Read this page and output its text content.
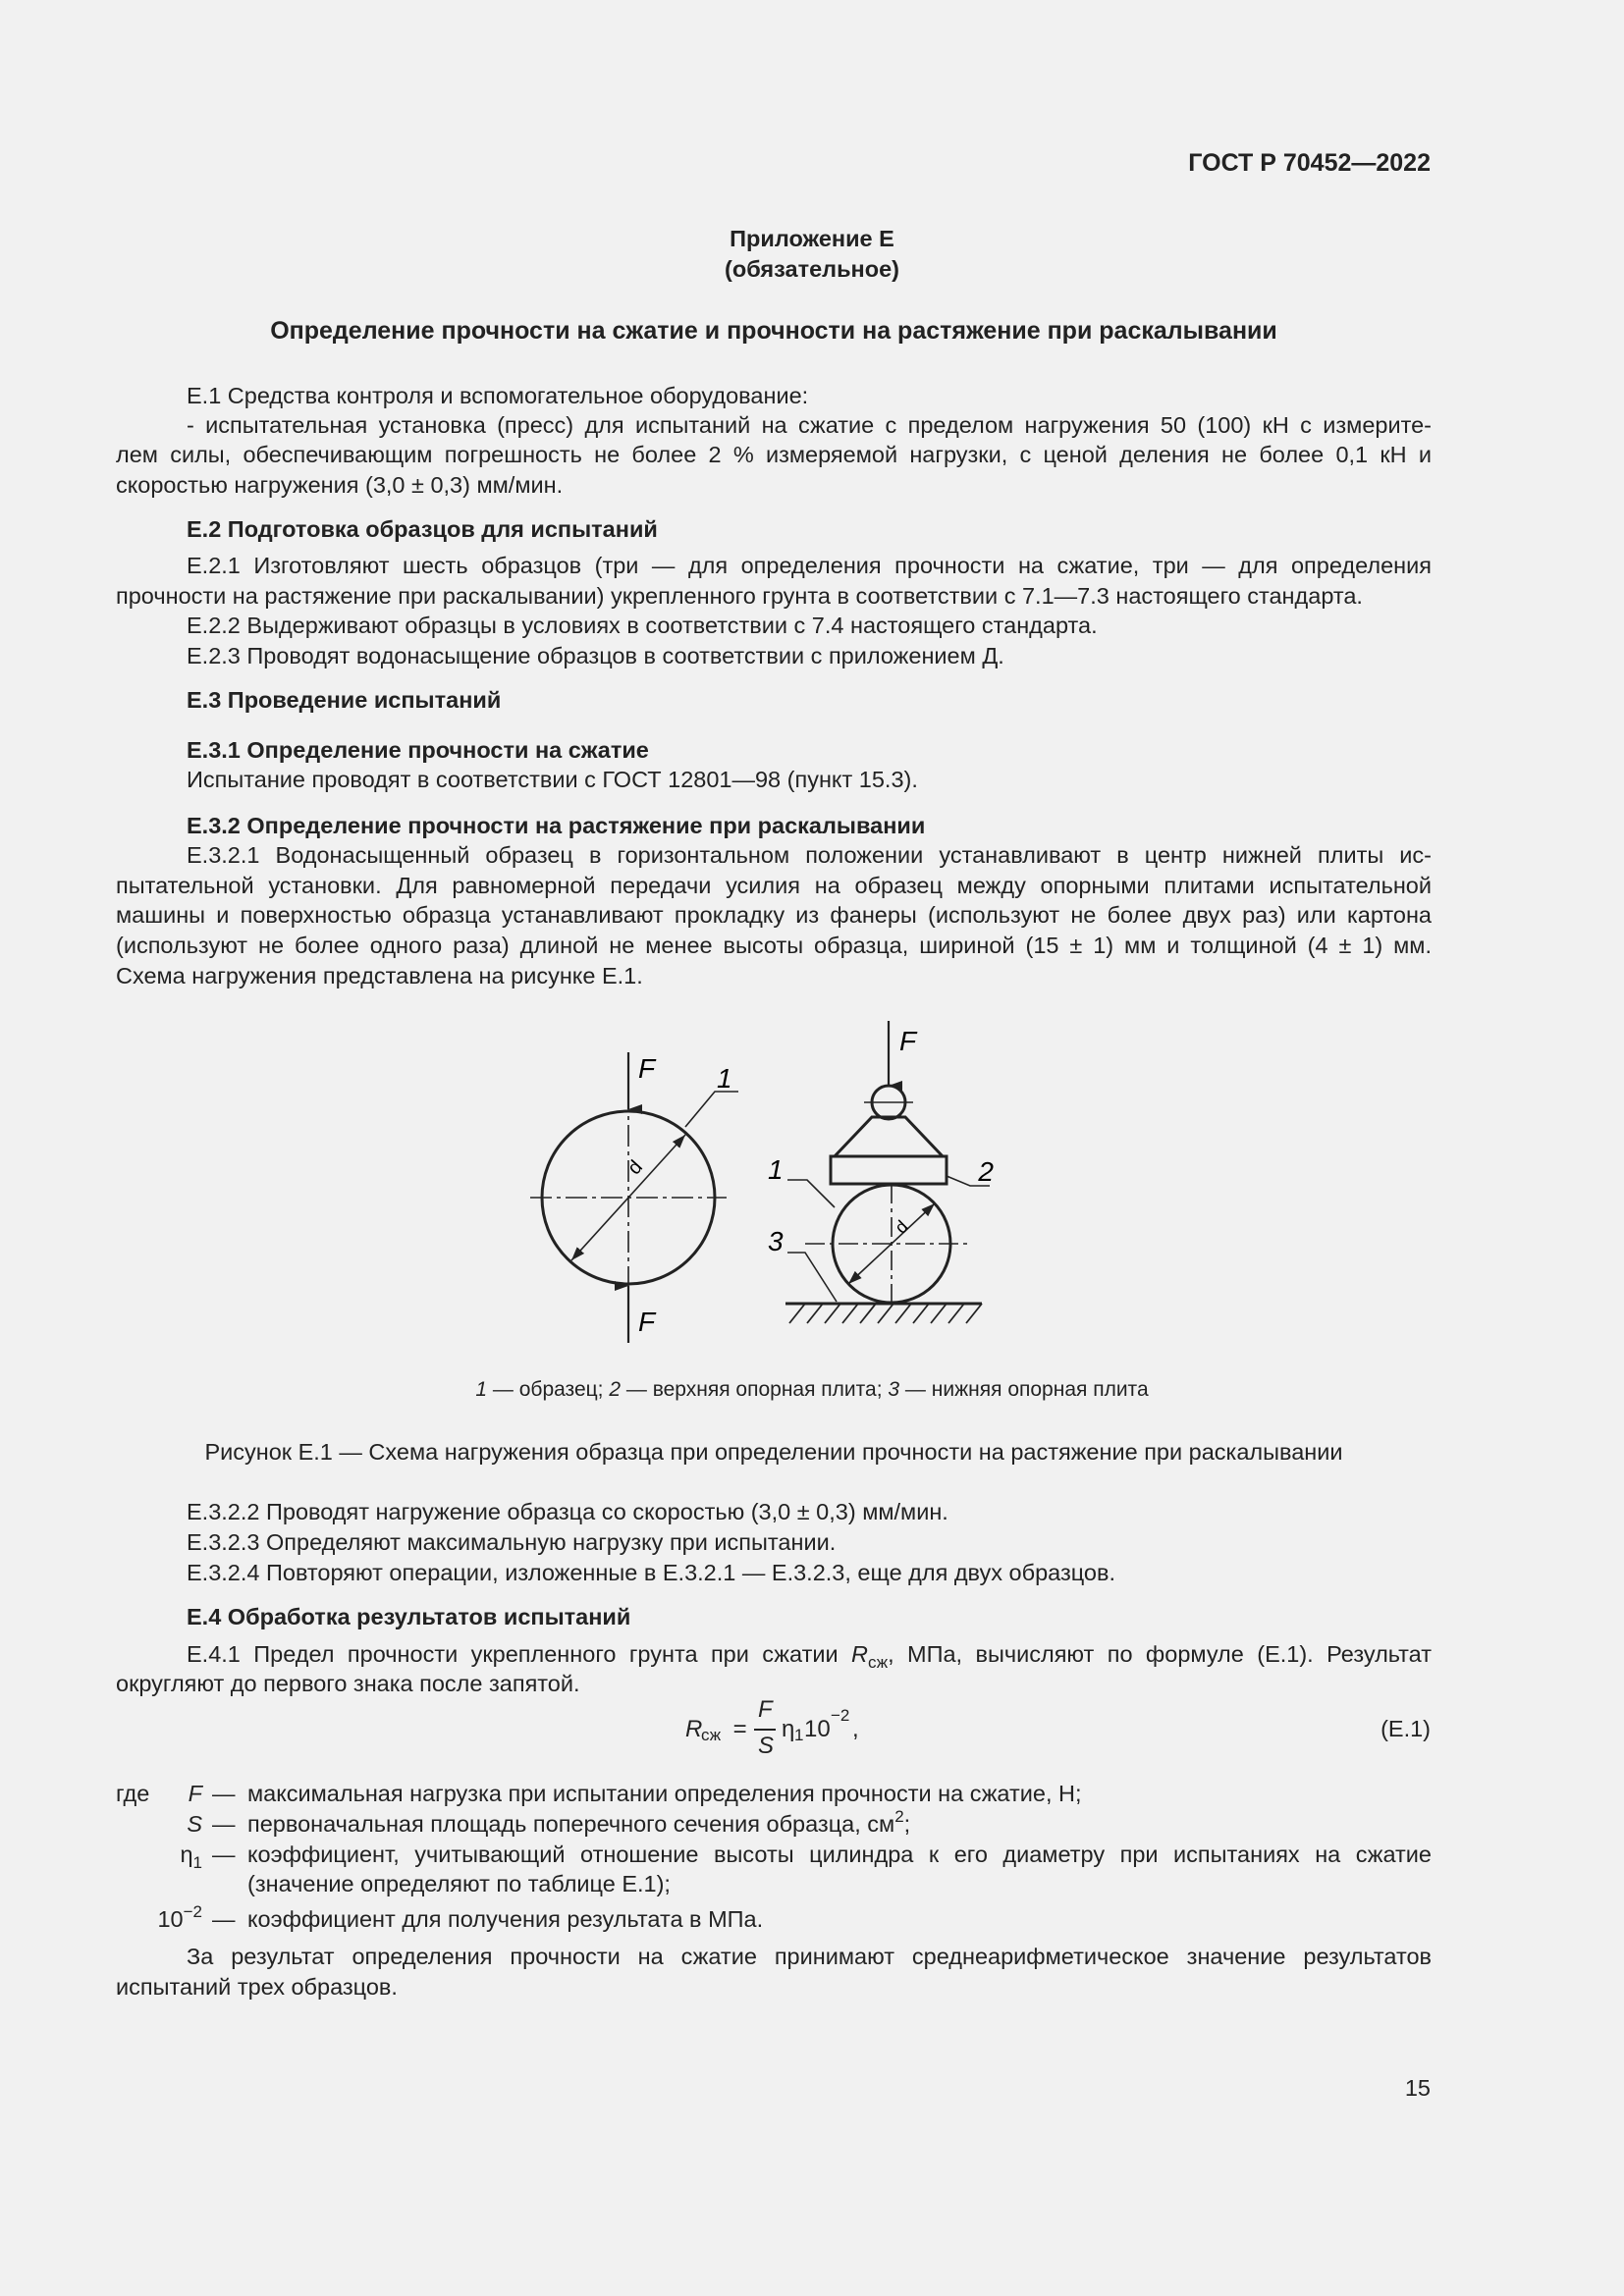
ГОСТ Р 70452—2022
Приложение Е
(обязательное)
Определение прочности на сжатие и прочности на растяжение при раскалывании

Е.1 Средства контроля и вспомогательное оборудование:

- испытательная установка (пресс) для испытаний на сжатие с пределом нагружения 50 (100) кН с измерите-

лем силы, обеспечивающим погрешность не более 2 % измеряемой нагрузки, с ценой деления не более 0,1 кН и

скоростью нагружения (3,0 ± 0,3) мм/мин.

Е.2 Подготовка образцов для испытаний

Е.2.1 Изготовляют шесть образцов (три — для определения прочности на сжатие, три — для определения

прочности на растяжение при раскалывании) укрепленного грунта в соответствии с 7.1—7.3 настоящего стандарта.

Е.2.2 Выдерживают образцы в условиях в соответствии с 7.4 настоящего стандарта.

Е.2.3 Проводят водонасыщение образцов в соответствии с приложением Д.

Е.3 Проведение испытаний

Е.3.1 Определение прочности на сжатие

Испытание проводят в соответствии с ГОСТ 12801—98 (пункт 15.3).

Е.3.2 Определение прочности на растяжение при раскалывании

Е.3.2.1 Водонасыщенный образец в горизонтальном положении устанавливают в центр нижней плиты ис-

пытательной установки. Для равномерной передачи усилия на образец между опорными плитами испытательной

машины и поверхностью образца устанавливают прокладку из фанеры (используют не более двух раз) или картона

(используют не более одного раза) длиной не менее высоты образца, шириной (15 ± 1) мм и толщиной (4 ± 1) мм.

Схема нагружения представлена на рисунке Е.1.

d
F
F
1
F
d
1	2
3
1 — образец; 2 — верхняя опорная плита; 3 — нижняя опорная плита
Рисунок Е.1 — Схема нагружения образца при определении прочности на растяжение при раскалывании

Е.3.2.2 Проводят нагружение образца со скоростью (3,0 ± 0,3) мм/мин.

Е.3.2.3 Определяют максимальную нагрузку при испытании.

Е.3.2.4 Повторяют операции, изложенные в Е.3.2.1 — Е.3.2.3, еще для двух образцов.

Е.4 Обработка результатов испытаний

Е.4.1 Предел прочности укрепленного грунта при сжатии $R_{сж}$, МПа, вычисляют по формуле (Е.1). Результат

округляют до первого знака после запятой.

R
сж =
F
S
η 1 10
−2
,	(Е.1)
где F — максимальная нагрузка при испытании определения прочности на сжатие, Н;
S — первоначальная площадь поперечного сечения образца, $см^2$;
$\eta_1$ — коэффициент, учитывающий отношение высоты цилиндра к его диаметру при испытаниях на сжатие
(значение определяют по таблице Е.1);
$10^{-2}$ — коэффициент для получения результата в МПа.

За результат определения прочности на сжатие принимают среднеарифметическое значение результатов

испытаний трех образцов.

15
